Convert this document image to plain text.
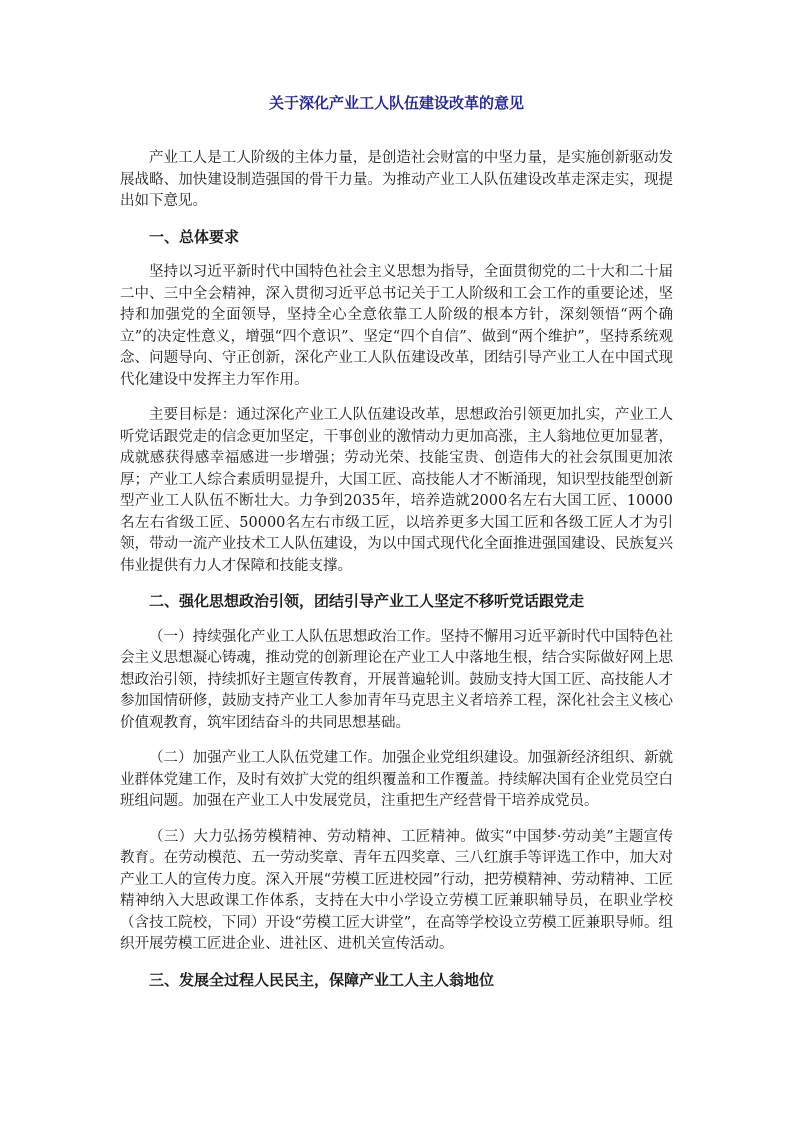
关于深化产业工人队伍建设改革的意见

产业工人是工人阶级的主体力量，是创造社会财富的中坚力量，是实施创新驱动发展战略、加快建设制造强国的骨干力量。为推动产业工人队伍建设改革走深走实，现提出如下意见。

一、总体要求

坚持以习近平新时代中国特色社会主义思想为指导，全面贯彻党的二十大和二十届二中、三中全会精神，深入贯彻习近平总书记关于工人阶级和工会工作的重要论述，坚持和加强党的全面领导，坚持全心全意依靠工人阶级的根本方针，深刻领悟“两个确立”的决定性意义，增强“四个意识”、坚定“四个自信”、做到“两个维护”，坚持系统观念、问题导向、守正创新，深化产业工人队伍建设改革，团结引导产业工人在中国式现代化建设中发挥主力军作用。

主要目标是：通过深化产业工人队伍建设改革，思想政治引领更加扎实，产业工人听党话跟党走的信念更加坚定，干事创业的激情动力更加高涨，主人翁地位更加显著，成就感获得感幸福感进一步增强；劳动光荣、技能宝贵、创造伟大的社会氛围更加浓厚；产业工人综合素质明显提升，大国工匠、高技能人才不断涌现，知识型技能型创新型产业工人队伍不断壮大。力争到2035年，培养造就2000名左右大国工匠、10000名左右省级工匠、50000名左右市级工匠，以培养更多大国工匠和各级工匠人才为引领，带动一流产业技术工人队伍建设，为以中国式现代化全面推进强国建设、民族复兴伟业提供有力人才保障和技能支撑。

二、强化思想政治引领，团结引导产业工人坚定不移听党话跟党走

（一）持续强化产业工人队伍思想政治工作。坚持不懈用习近平新时代中国特色社会主义思想凝心铸魂，推动党的创新理论在产业工人中落地生根，结合实际做好网上思想政治引领，持续抓好主题宣传教育，开展普遍轮训。鼓励支持大国工匠、高技能人才参加国情研修，鼓励支持产业工人参加青年马克思主义者培养工程，深化社会主义核心价值观教育，筑牢团结奋斗的共同思想基础。

（二）加强产业工人队伍党建工作。加强企业党组织建设。加强新经济组织、新就业群体党建工作，及时有效扩大党的组织覆盖和工作覆盖。持续解决国有企业党员空白班组问题。加强在产业工人中发展党员，注重把生产经营骨干培养成党员。

（三）大力弘扬劳模精神、劳动精神、工匠精神。做实“中国梦·劳动美”主题宣传教育。在劳动模范、五一劳动奖章、青年五四奖章、三八红旗手等评选工作中，加大对产业工人的宣传力度。深入开展“劳模工匠进校园”行动，把劳模精神、劳动精神、工匠精神纳入大思政课工作体系，支持在大中小学设立劳模工匠兼职辅导员，在职业学校（含技工院校，下同）开设“劳模工匠大讲堂”，在高等学校设立劳模工匠兼职导师。组织开展劳模工匠进企业、进社区、进机关宣传活动。

三、发展全过程人民民主，保障产业工人主人翁地位
